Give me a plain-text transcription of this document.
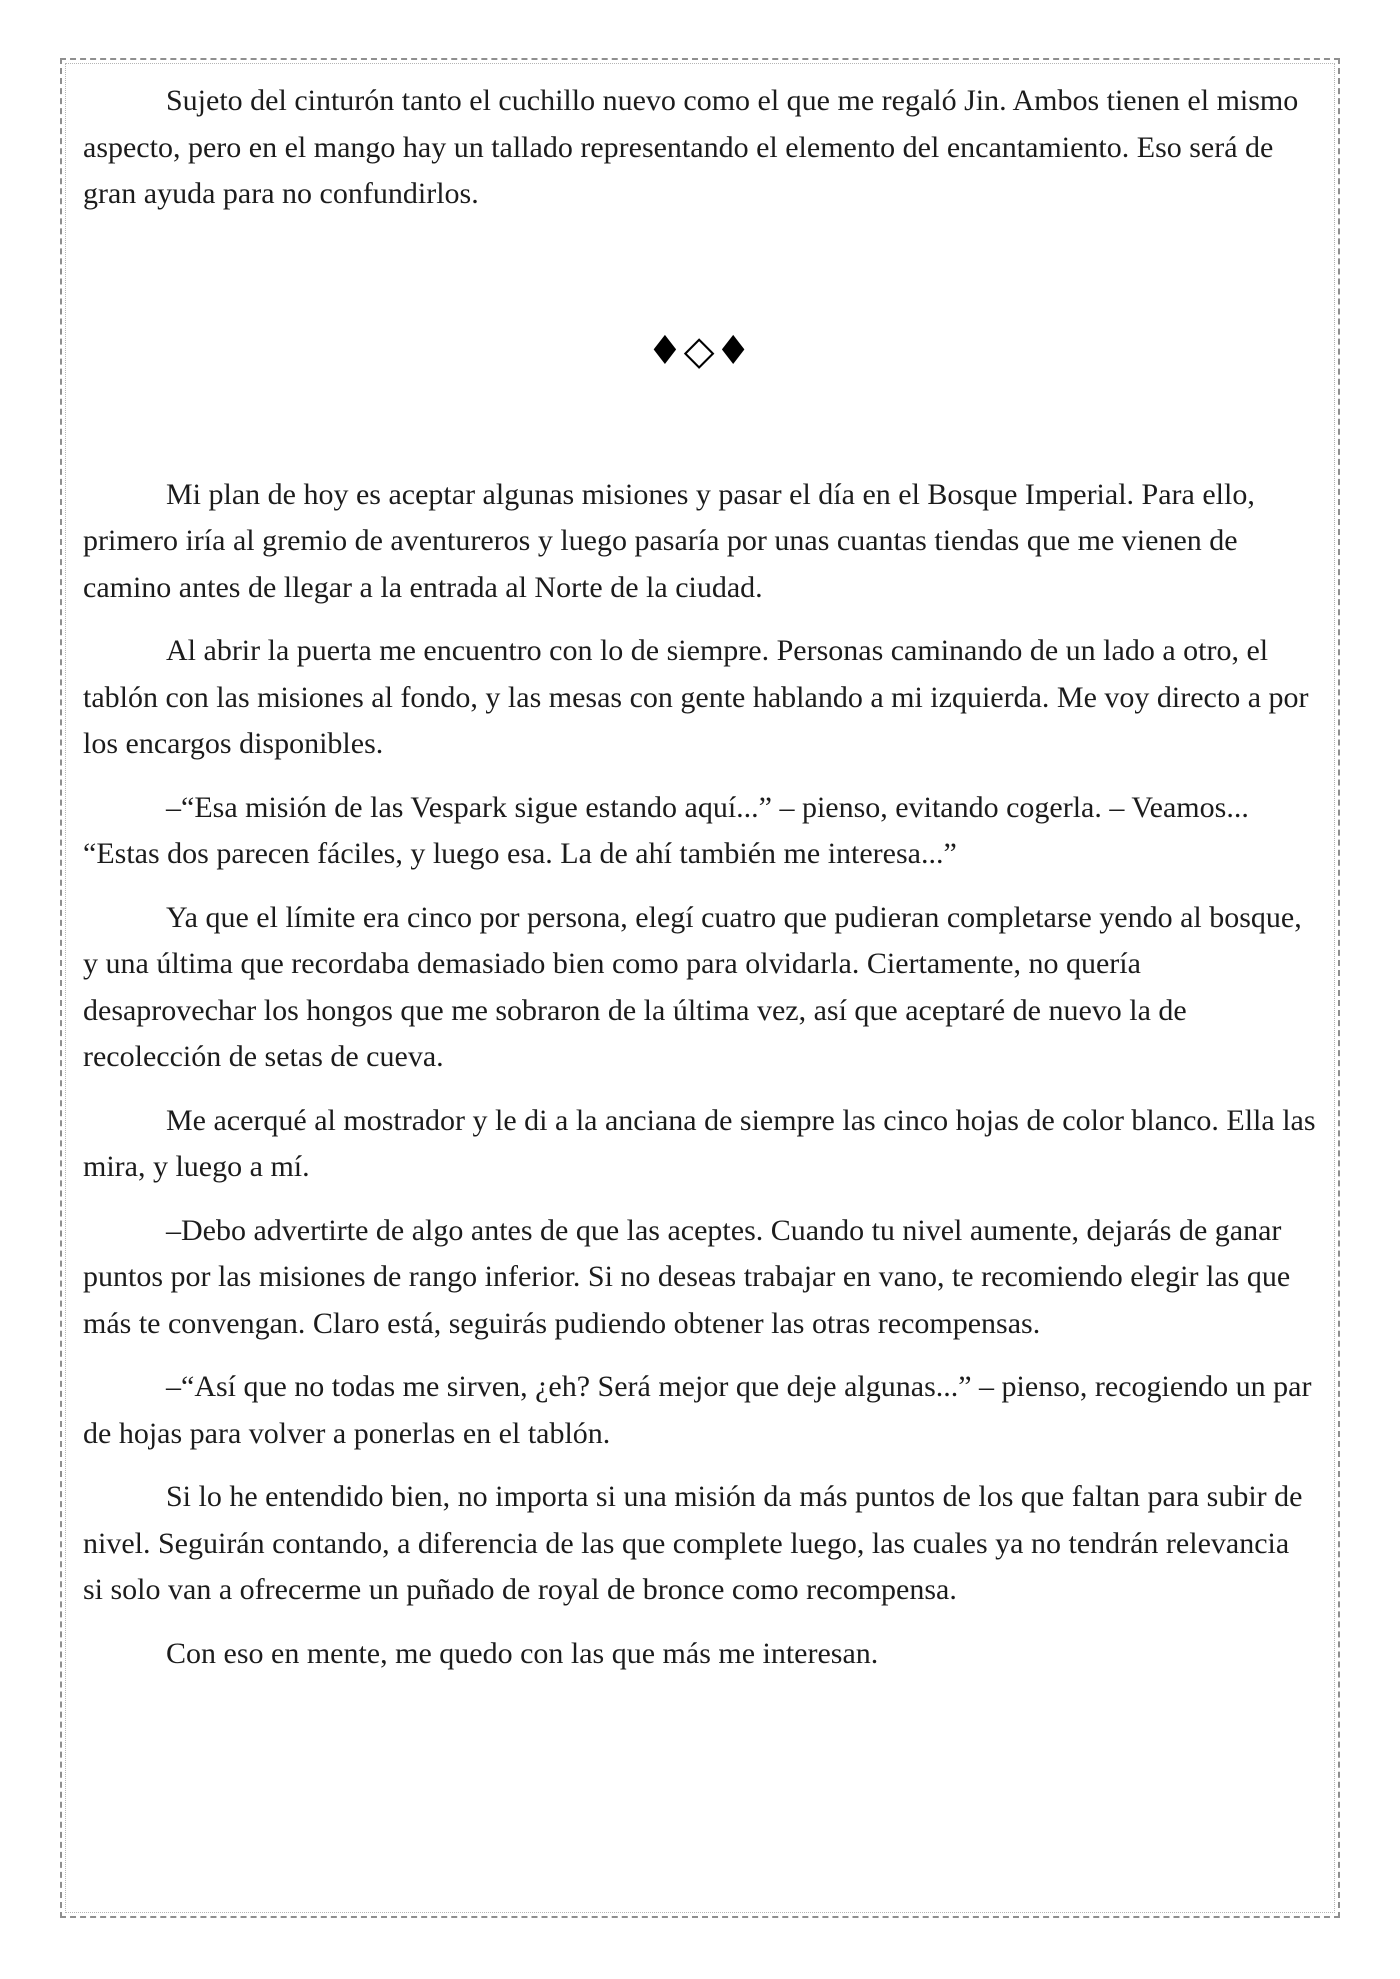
Sujeto del cinturón tanto el cuchillo nuevo como el que me regaló Jin. Ambos tienen el mismo aspecto, pero en el mango hay un tallado representando el elemento del encantamiento. Eso será de gran ayuda para no confundirlos.

♦◇♦

Mi plan de hoy es aceptar algunas misiones y pasar el día en el Bosque Imperial. Para ello, primero iría al gremio de aventureros y luego pasaría por unas cuantas tiendas que me vienen de camino antes de llegar a la entrada al Norte de la ciudad.

Al abrir la puerta me encuentro con lo de siempre. Personas caminando de un lado a otro, el tablón con las misiones al fondo, y las mesas con gente hablando a mi izquierda. Me voy directo a por los encargos disponibles.

–“Esa misión de las Vespark sigue estando aquí...” – pienso, evitando cogerla. – Veamos... “Estas dos parecen fáciles, y luego esa. La de ahí también me interesa...”

Ya que el límite era cinco por persona, elegí cuatro que pudieran completarse yendo al bosque, y una última que recordaba demasiado bien como para olvidarla. Ciertamente, no quería desaprovechar los hongos que me sobraron de la última vez, así que aceptaré de nuevo la de recolección de setas de cueva.

Me acerqué al mostrador y le di a la anciana de siempre las cinco hojas de color blanco. Ella las mira, y luego a mí.

–Debo advertirte de algo antes de que las aceptes. Cuando tu nivel aumente, dejarás de ganar puntos por las misiones de rango inferior. Si no deseas trabajar en vano, te recomiendo elegir las que más te convengan. Claro está, seguirás pudiendo obtener las otras recompensas.

–“Así que no todas me sirven, ¿eh? Será mejor que deje algunas...” – pienso, recogiendo un par de hojas para volver a ponerlas en el tablón.

Si lo he entendido bien, no importa si una misión da más puntos de los que faltan para subir de nivel. Seguirán contando, a diferencia de las que complete luego, las cuales ya no tendrán relevancia si solo van a ofrecerme un puñado de royal de bronce como recompensa.

Con eso en mente, me quedo con las que más me interesan.
